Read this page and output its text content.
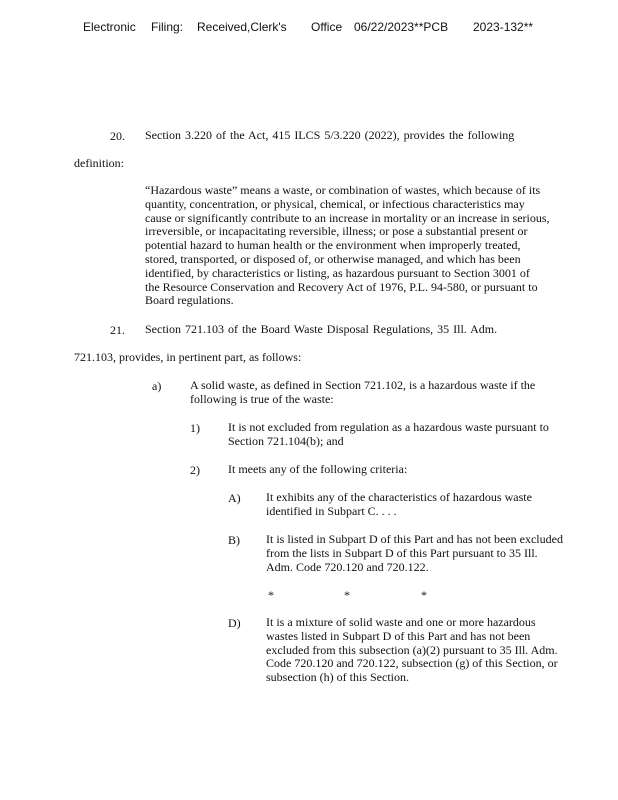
Electronic

Filing:

Received,Clerk's

Office

06/22/2023**PCB

2023-132**

20. Section 3.220 of the Act, 415 ILCS 5/3.220 (2022), provides the following
definition:
“Hazardous waste” means a waste, or combination of wastes, which because of its
quantity, concentration, or physical, chemical, or infectious characteristics may
cause or significantly contribute to an increase in mortality or an increase in serious,
irreversible, or incapacitating reversible, illness; or pose a substantial present or
potential hazard to human health or the environment when improperly treated,
stored, transported, or disposed of, or otherwise managed, and which has been
identified, by characteristics or listing, as hazardous pursuant to Section 3001 of
the Resource Conservation and Recovery Act of 1976, P.L. 94-580, or pursuant to
Board regulations.
21. Section 721.103 of the Board Waste Disposal Regulations, 35 Ill. Adm.
721.103, provides, in pertinent part, as follows:
a) A solid waste, as defined in Section 721.102, is a hazardous waste if the
following is true of the waste:
1) It is not excluded from regulation as a hazardous waste pursuant to
Section 721.104(b); and
2) It meets any of the following criteria:
A) It exhibits any of the characteristics of hazardous waste
identified in Subpart C. . . .
B) It is listed in Subpart D of this Part and has not been excluded
from the lists in Subpart D of this Part pursuant to 35 Ill.
Adm. Code 720.120 and 720.122.
*	*	*
D) It is a mixture of solid waste and one or more hazardous
wastes listed in Subpart D of this Part and has not been
excluded from this subsection (a)(2) pursuant to 35 Ill. Adm.
Code 720.120 and 720.122, subsection (g) of this Section, or
subsection (h) of this Section.
